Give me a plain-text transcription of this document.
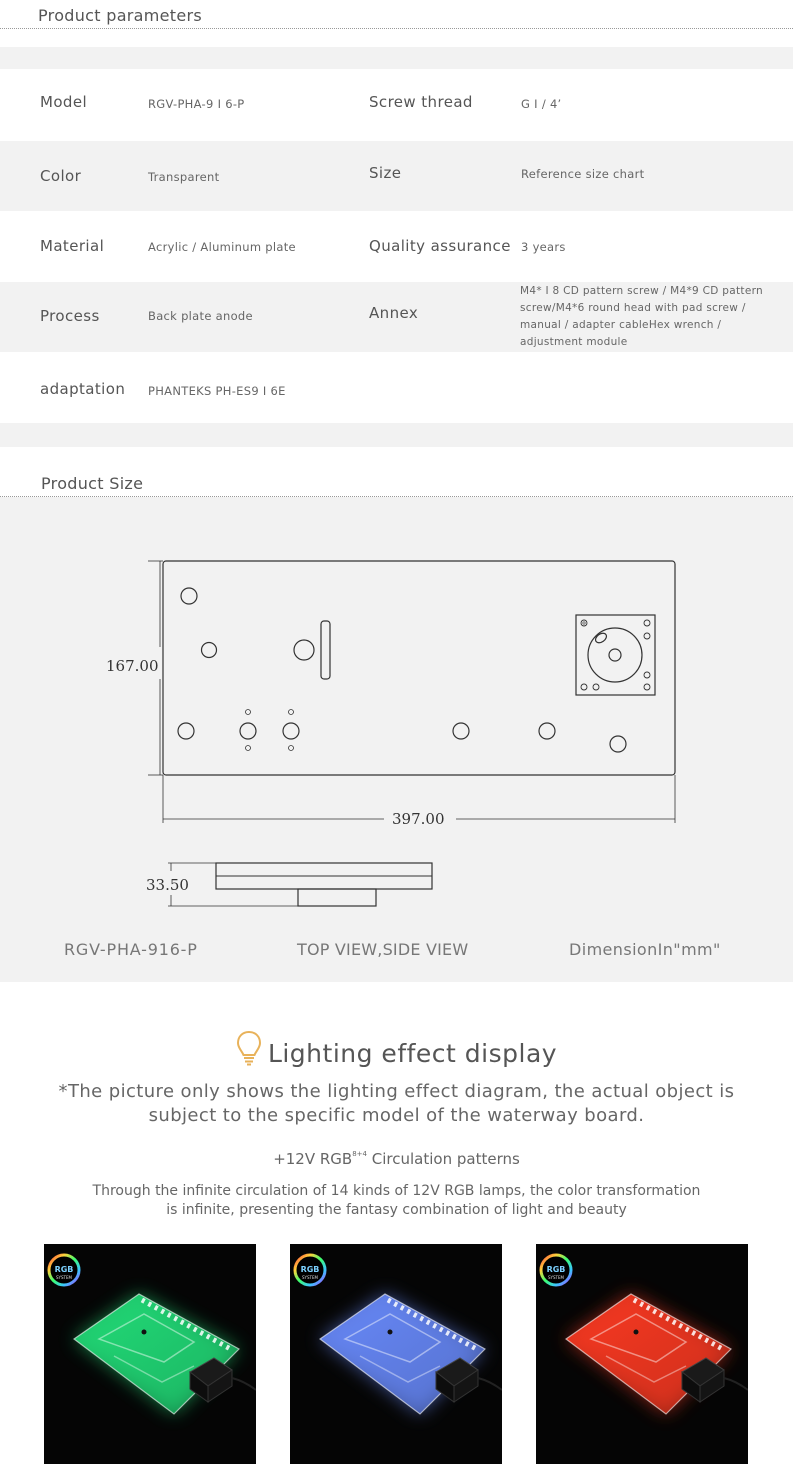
Product parameters
Model	RGV-PHA-9 I 6-P	Screw thread	G I / 4’
Color	Transparent	Size	Reference size chart
Material	Acrylic / Aluminum plate	Quality assurance 3 years
Process	Back plate anode	Annex
M4* I 8 CD pattern screw / M4*9 CD pattern screw/M4*6 round head with pad screw / manual / adapter cableHex wrench / adjustment module
adaptation PHANTEKS PH-ES9 I 6E
Product Size
167.00
397.00
33.50
RGV-PHA-916-P	TOP VIEW,SIDE VIEW	DimensionIn"mm"
Lighting effect display
*The picture only shows the lighting effect diagram, the actual object is
subject to the specific model of the waterway board.
+12V $RGB^{8+4}$ Circulation patterns
Through the infinite circulation of 14 kinds of 12V RGB lamps, the color transformation
is infinite, presenting the fantasy combination of light and beauty
RGB
SYSTEM
RGB
SYSTEM
RGB
SYSTEM
